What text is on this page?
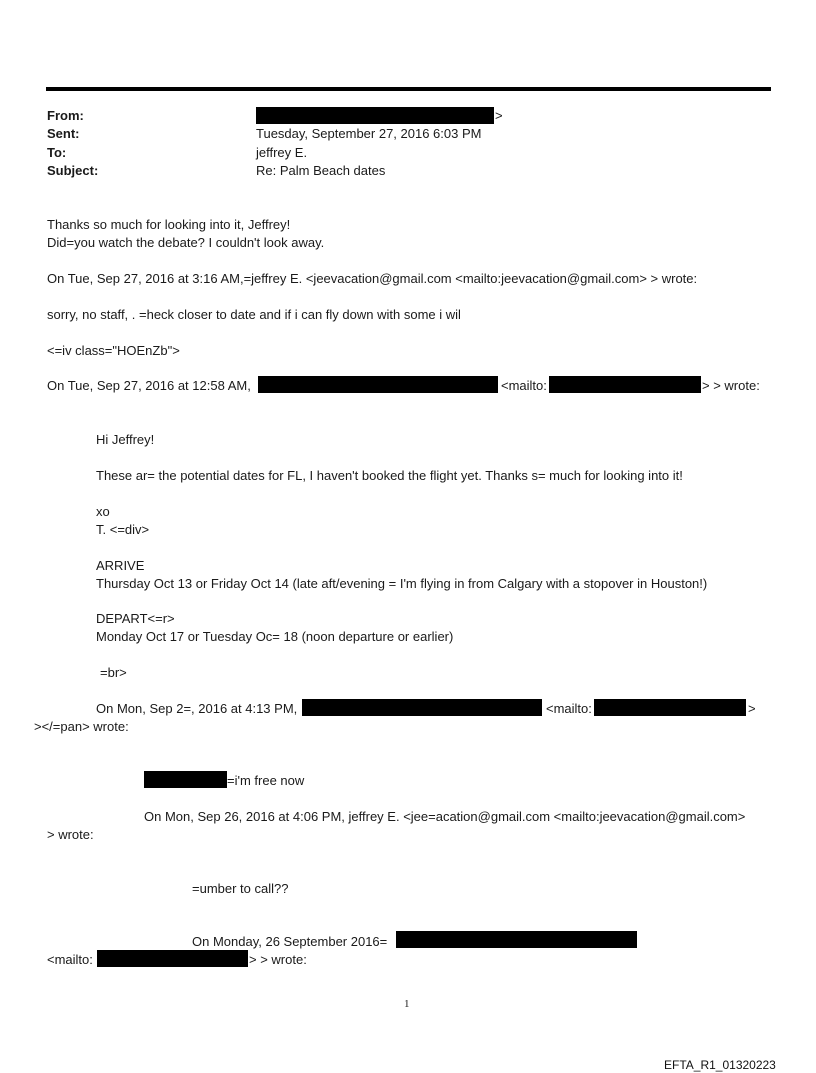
From:	>
Sent:	Tuesday, September 27, 2016 6:03 PM
To:	jeffrey E.
Subject:	Re: Palm Beach dates
Thanks so much for looking into it, Jeffrey!
Did=you watch the debate? I couldn't look away.
On Tue, Sep 27, 2016 at 3:16 AM,=jeffrey E. <jeevacation@gmail.com <mailto:jeevacation@gmail.com> > wrote:
sorry, no staff, . =heck closer to date and if i can fly down with some i wil
<=iv class="HOEnZb">
On Tue, Sep 27, 2016 at 12:58 AM,	<mailto:	> > wrote:
Hi Jeffrey!
These ar= the potential dates for FL, I haven't booked the flight yet. Thanks s= much for looking into it!
xo
T. <=div>
ARRIVE
Thursday Oct 13 or Friday Oct 14 (late aft/evening = I'm flying in from Calgary with a stopover in Houston!)
DEPART<=r>
Monday Oct 17 or Tuesday Oc= 18 (noon departure or earlier)
=br>
On Mon, Sep 2=, 2016 at 4:13 PM,	<mailto:	>
></=pan> wrote:
=i'm free now
On Mon, Sep 26, 2016 at 4:06 PM, jeffrey E. <jee=acation@gmail.com <mailto:jeevacation@gmail.com>
> wrote:
=umber to call??
On Monday, 26 September 2016=
<mailto:	> > wrote:
1
EFTA_R1_01320223
